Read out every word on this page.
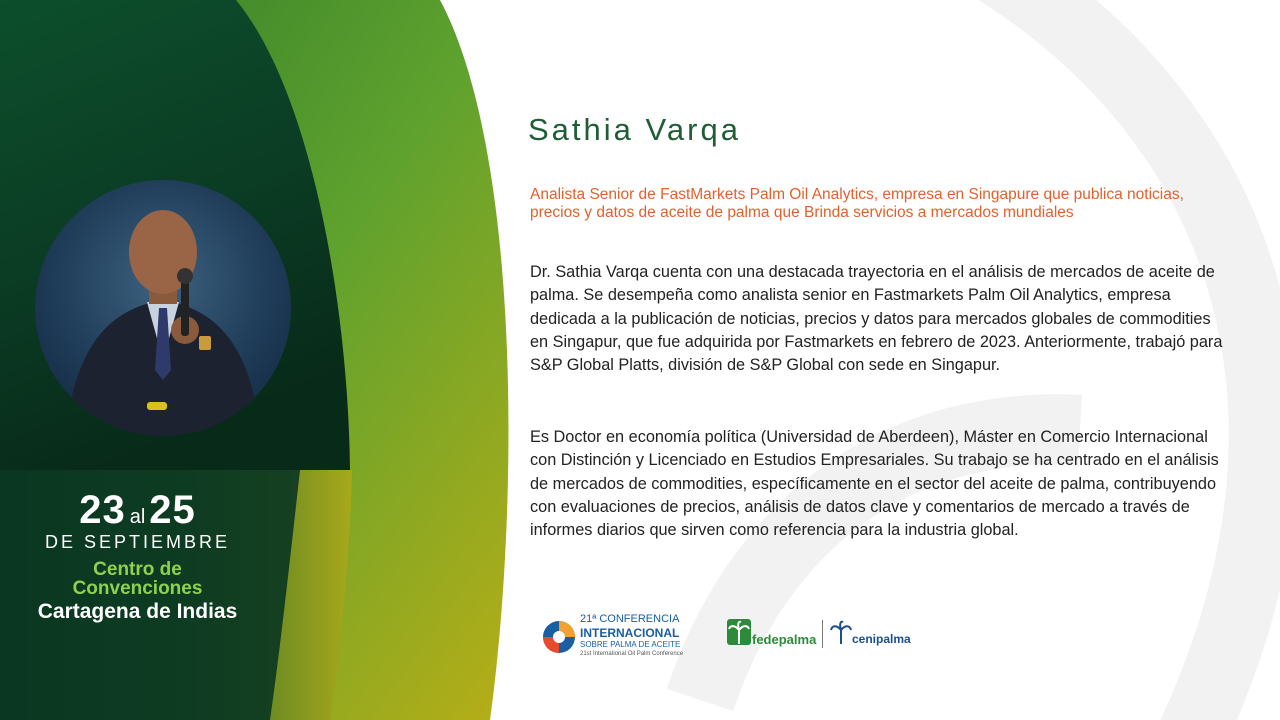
23 al 25
DE SEPTIEMBRE
Centro de
Convenciones
Cartagena de Indias
Sathia Varqa
Analista Senior de FastMarkets Palm Oil Analytics, empresa en Singapure que publica noticias, precios y datos de aceite de palma que Brinda servicios a mercados mundiales

Dr. Sathia Varqa cuenta con una destacada trayectoria en el análisis de mercados de aceite de palma. Se desempeña como analista senior en Fastmarkets Palm Oil Analytics, empresa dedicada a la publicación de noticias, precios y datos para mercados globales de commodities en Singapur, que fue adquirida por Fastmarkets en febrero de 2023. Anteriormente, trabajó para S&P Global Platts, división de S&P Global con sede en Singapur.

Es Doctor en economía política (Universidad de Aberdeen), Máster en Comercio Internacional con Distinción y Licenciado en Estudios Empresariales. Su trabajo se ha centrado en el análisis de mercados de commodities, específicamente en el sector del aceite de palma, contribuyendo con evaluaciones de precios, análisis de datos clave y comentarios de mercado a través de informes diarios que sirven como referencia para la industria global.

21ª CONFERENCIA
INTERNACIONAL
SOBRE PALMA DE ACEITE
21st International Oil Palm Conference
fedepalma	cenipalma
